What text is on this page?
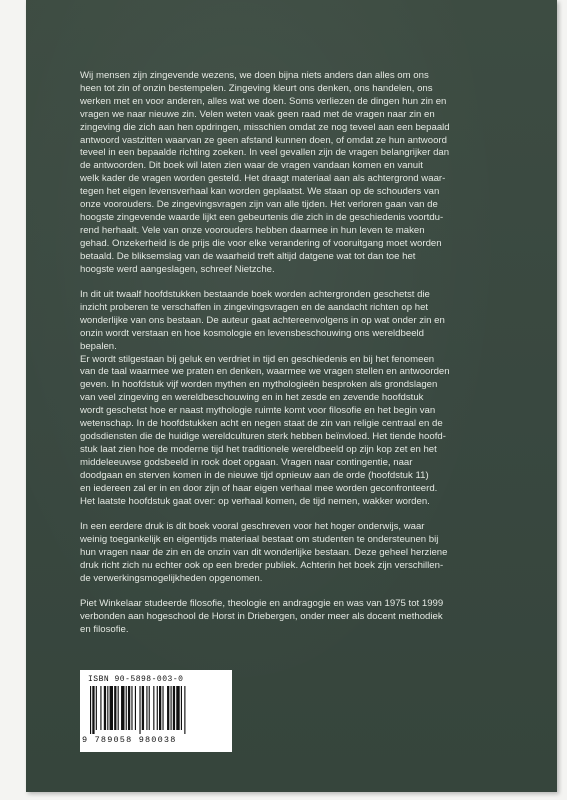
Wij mensen zijn zingevende wezens, we doen bijna niets anders dan alles om ons
heen tot zin of onzin bestempelen. Zingeving kleurt ons denken, ons handelen, ons
werken met en voor anderen, alles wat we doen. Soms verliezen de dingen hun zin en
vragen we naar nieuwe zin. Velen weten vaak geen raad met de vragen naar zin en
zingeving die zich aan hen opdringen, misschien omdat ze nog teveel aan een bepaald
antwoord vastzitten waarvan ze geen afstand kunnen doen, of omdat ze hun antwoord
teveel in een bepaalde richting zoeken. In veel gevallen zijn de vragen belangrijker dan
de antwoorden. Dit boek wil laten zien waar de vragen vandaan komen en vanuit
welk kader de vragen worden gesteld. Het draagt materiaal aan als achtergrond waar-
tegen het eigen levensverhaal kan worden geplaatst. We staan op de schouders van
onze voorouders. De zingevingsvragen zijn van alle tijden. Het verloren gaan van de
hoogste zingevende waarde lijkt een gebeurtenis die zich in de geschiedenis voortdu-
rend herhaalt. Vele van onze voorouders hebben daarmee in hun leven te maken
gehad. Onzekerheid is de prijs die voor elke verandering of vooruitgang moet worden
betaald. De bliksemslag van de waarheid treft altijd datgene wat tot dan toe het
hoogste werd aangeslagen, schreef Nietzche.

In dit uit twaalf hoofdstukken bestaande boek worden achtergronden geschetst die
inzicht proberen te verschaffen in zingevingsvragen en de aandacht richten op het
wonderlijke van ons bestaan. De auteur gaat achtereenvolgens in op wat onder zin en
onzin wordt verstaan en hoe kosmologie en levensbeschouwing ons wereldbeeld
bepalen.
Er wordt stilgestaan bij geluk en verdriet in tijd en geschiedenis en bij het fenomeen
van de taal waarmee we praten en denken, waarmee we vragen stellen en antwoorden
geven. In hoofdstuk vijf worden mythen en mythologieën besproken als grondslagen
van veel zingeving en wereldbeschouwing en in het zesde en zevende hoofdstuk
wordt geschetst hoe er naast mythologie ruimte komt voor filosofie en het begin van
wetenschap. In de hoofdstukken acht en negen staat de zin van religie centraal en de
godsdiensten die de huidige wereldculturen sterk hebben beïnvloed. Het tiende hoofd-
stuk laat zien hoe de moderne tijd het traditionele wereldbeeld op zijn kop zet en het
middeleeuwse godsbeeld in rook doet opgaan. Vragen naar contingentie, naar
doodgaan en sterven komen in de nieuwe tijd opnieuw aan de orde (hoofdstuk 11)
en iedereen zal er in en door zijn of haar eigen verhaal mee worden geconfronteerd.
Het laatste hoofdstuk gaat over: op verhaal komen, de tijd nemen, wakker worden.

In een eerdere druk is dit boek vooral geschreven voor het hoger onderwijs, waar
weinig toegankelijk en eigentijds materiaal bestaat om studenten te ondersteunen bij
hun vragen naar de zin en de onzin van dit wonderlijke bestaan. Deze geheel herziene
druk richt zich nu echter ook op een breder publiek. Achterin het boek zijn verschillen-
de verwerkingsmogelijkheden opgenomen.

Piet Winkelaar studeerde filosofie, theologie en andragogie en was van 1975 tot 1999
verbonden aan hogeschool de Horst in Driebergen, onder meer als docent methodiek
en filosofie.

ISBN 90-5898-003-0
9 789058 980038
